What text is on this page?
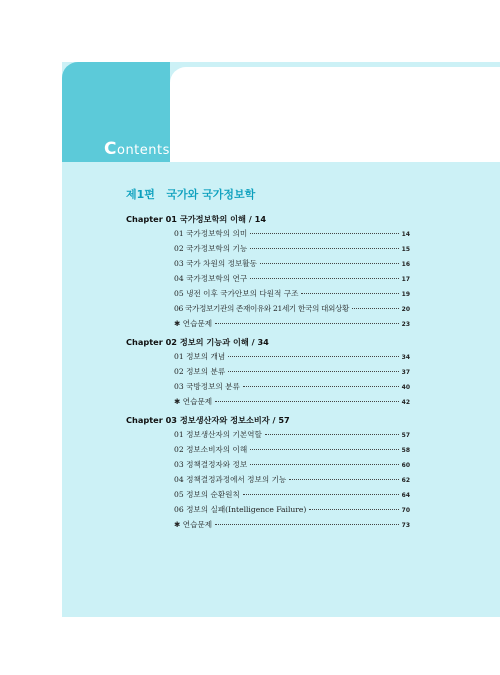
Contents
제1편   국가와 국가정보학
Chapter 01 국가정보학의 이해 / 14
01 국가정보학의 의미	14
02 국가정보학의 기능	15
03 국가 차원의 정보활동	16
04 국가정보학의 연구	17
05 냉전 이후 국가안보의 다원적 구조	19
06 국가정보기관의 존재이유와 21세기 한국의 대외상황	20
✱ 연습문제	23
Chapter 02 정보의 기능과 이해 / 34
01 정보의 개념	34
02 정보의 분류	37
03 국방정보의 분류	40
✱ 연습문제	42
Chapter 03 정보생산자와 정보소비자 / 57
01 정보생산자의 기본역할	57
02 정보소비자의 이해	58
03 정책결정자와 정보	60
04 정책결정과정에서 정보의 기능	62
05 정보의 순환원칙	64
06 정보의 실패(Intelligence Failure)	70
✱ 연습문제	73
